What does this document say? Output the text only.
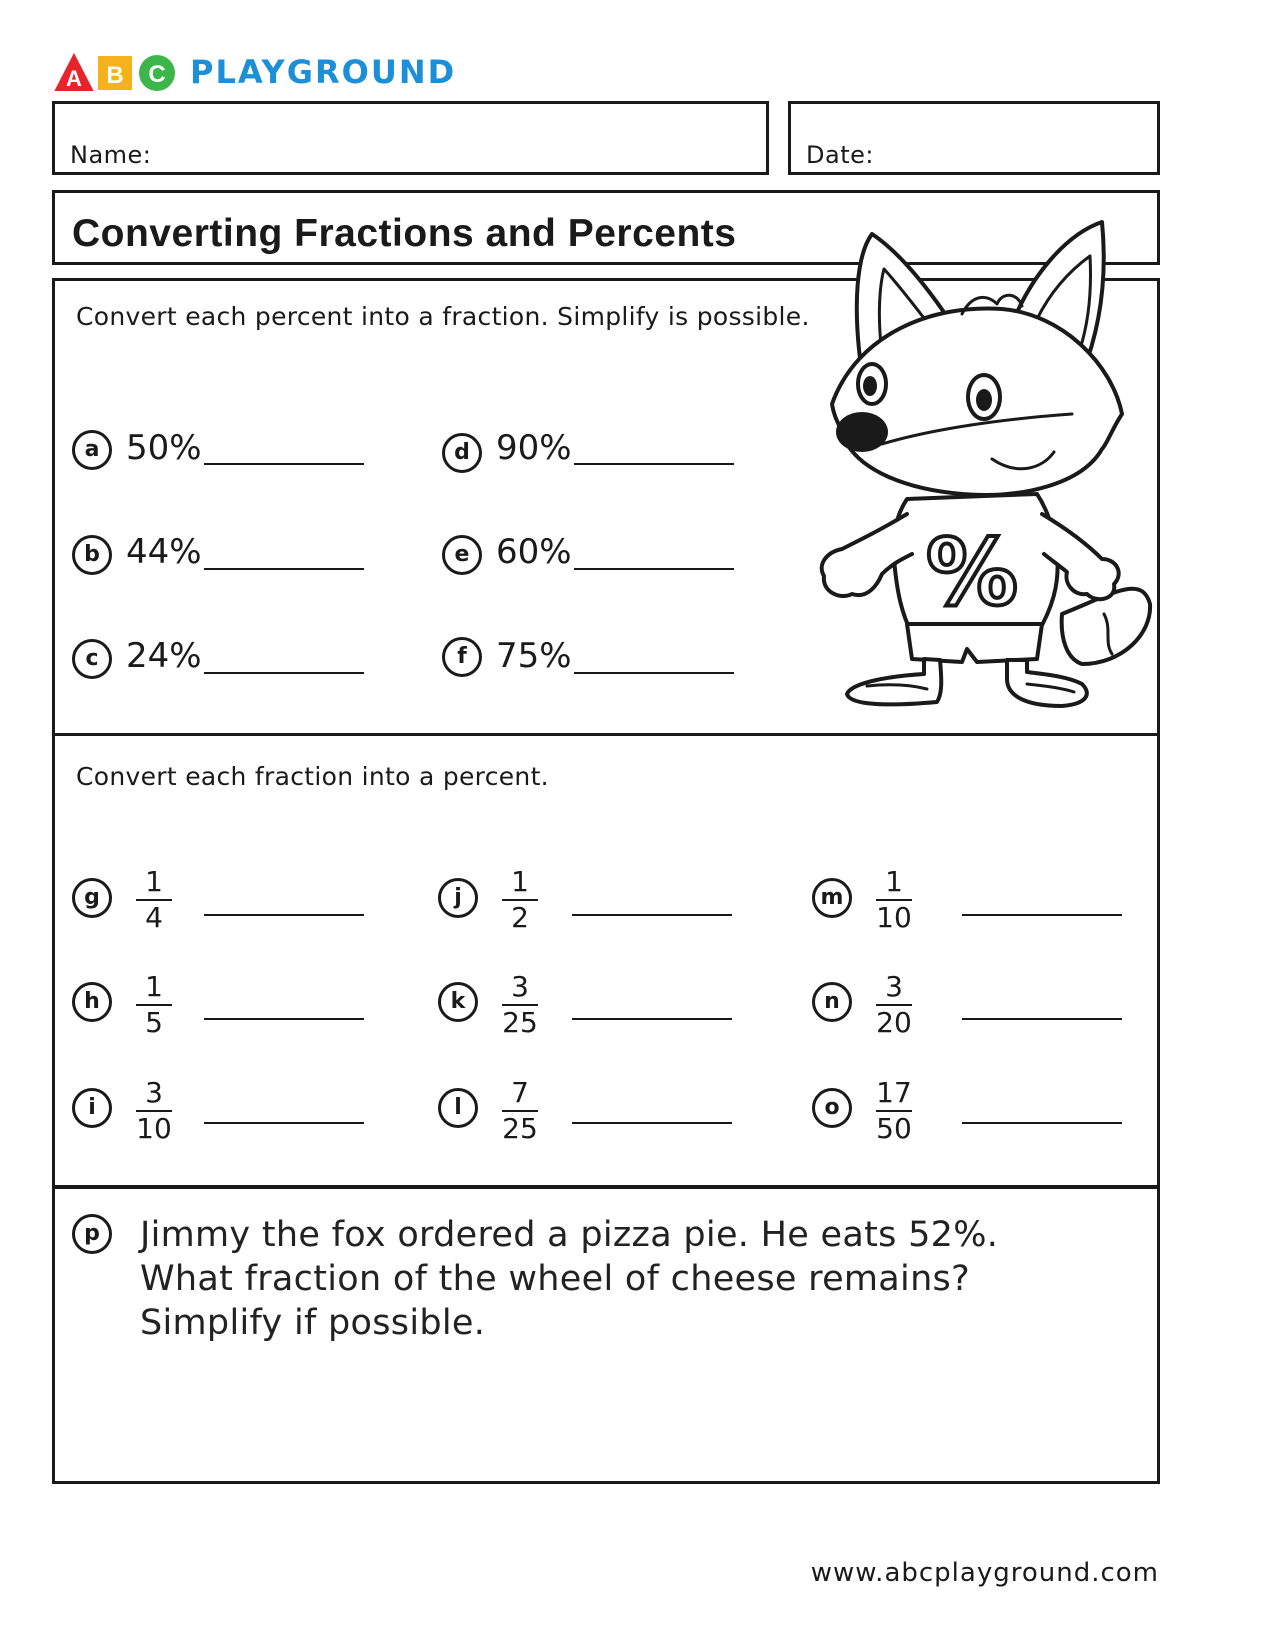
A B C PLAYGROUND
Name:	Date:
Converting Fractions and Percents
Convert each percent into a fraction. Simplify is possible.
a 50%
b 44%
c 24%
d 90%
e 60%
f 75%
%
Convert each fraction into a percent.
g	1
4
h	1
5
i	3
10
j	1
2
k	3
25
l	7
25
m	1
10
n	3
20
o	17
50
p	Jimmy the fox ordered a pizza pie. He eats 52%.
What fraction of the wheel of cheese remains?
Simplify if possible.
www.abcplayground.com
